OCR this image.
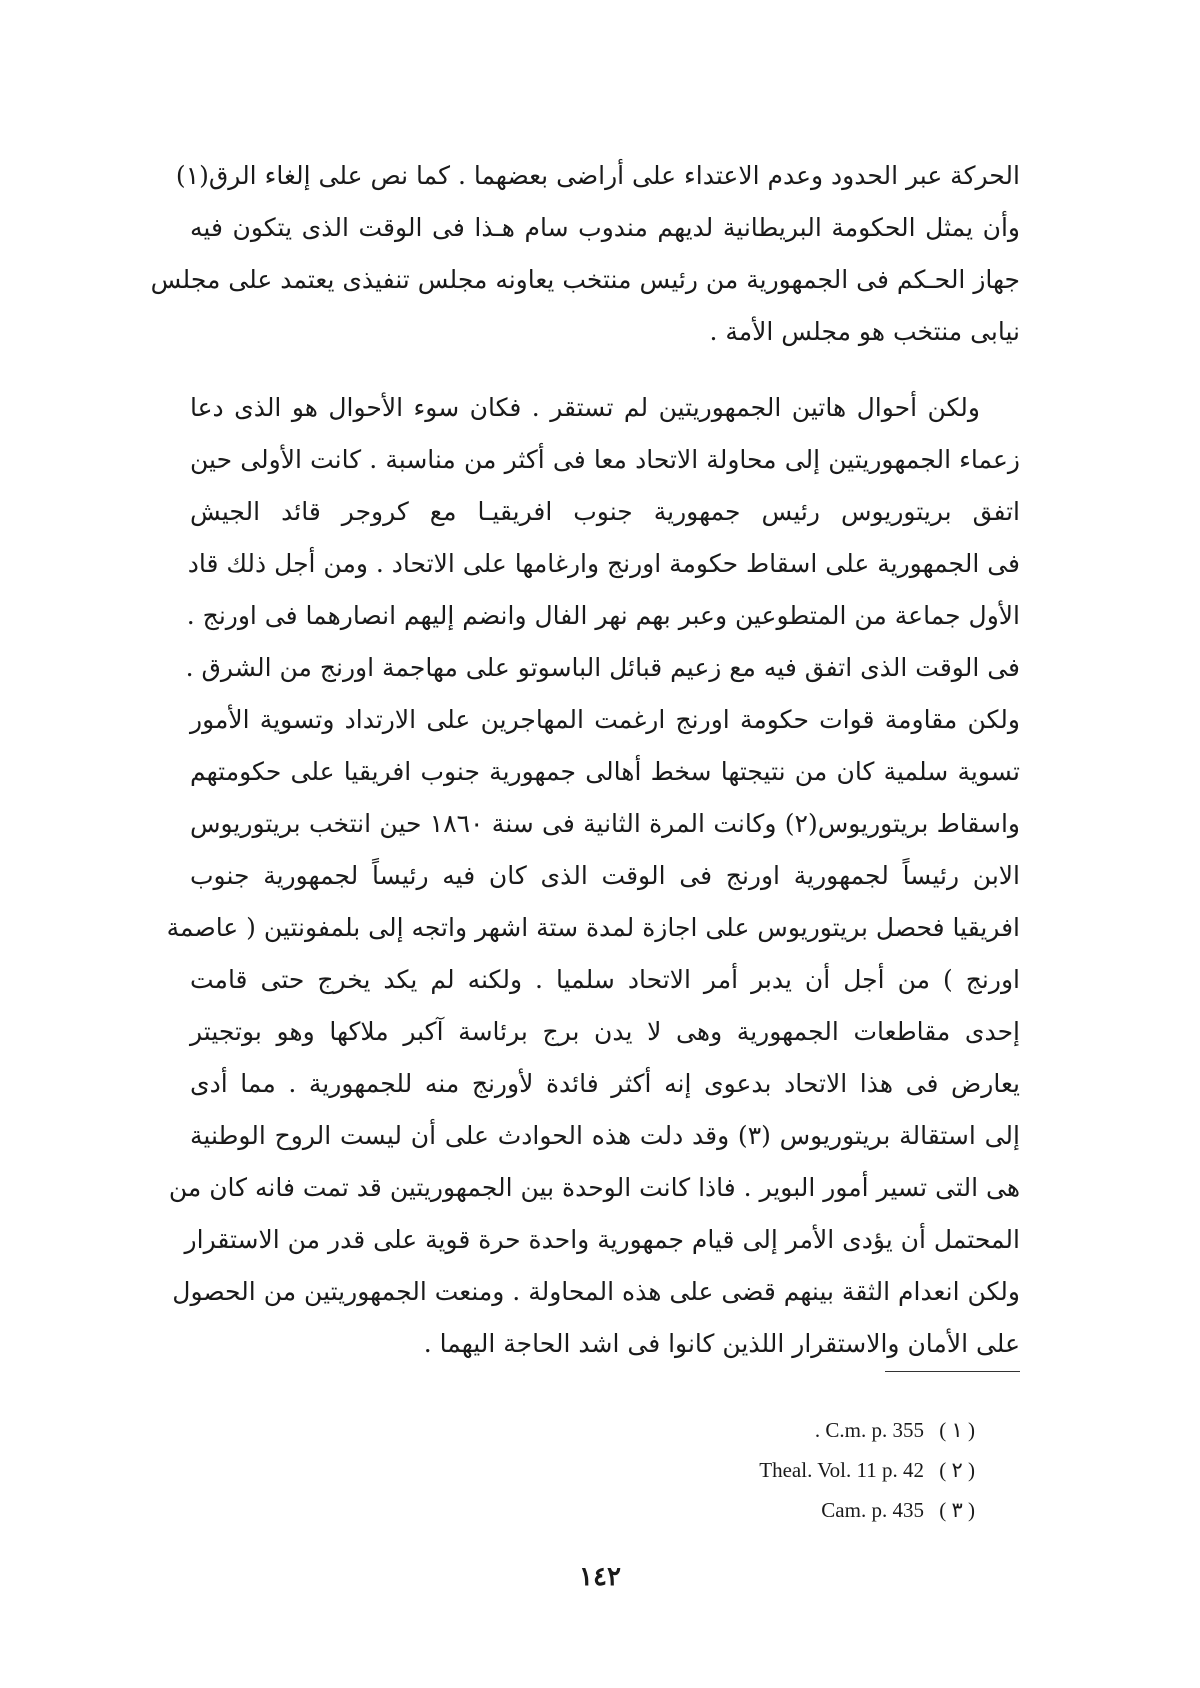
الحركة عبر الحدود وعدم الاعتداء على أراضى بعضهما . كما نص على إلغاء الرق(١)
وأن يمثل الحكومة البريطانية لديهم مندوب سام هـذا فى الوقت الذى يتكون فيه
جهاز الحـكم فى الجمهورية من رئيس منتخب يعاونه مجلس تنفيذى يعتمد على مجلس
نيابى منتخب هو مجلس الأمة .
ولكن أحوال هاتين الجمهوريتين لم تستقر . فكان سوء الأحوال هو الذى دعا
زعماء الجمهوريتين إلى محاولة الاتحاد معا فى أكثر من مناسبة . كانت الأولى حين
اتفق بريتوريوس رئيس جمهورية جنوب افريقيـا مع كروجر قائد الجيش
فى الجمهورية على اسقاط حكومة اورنج وارغامها على الاتحاد . ومن أجل ذلك قاد
الأول جماعة من المتطوعين وعبر بهم نهر الفال وانضم إليهم انصارهما فى اورنج .
فى الوقت الذى اتفق فيه مع زعيم قبائل الباسوتو على مهاجمة اورنج من الشرق .
ولكن مقاومة قوات حكومة اورنج ارغمت المهاجرين على الارتداد وتسوية الأمور
تسوية سلمية كان من نتيجتها سخط أهالى جمهورية جنوب افريقيا على حكومتهم
واسقاط بريتوريوس(٢) وكانت المرة الثانية فى سنة ١٨٦٠ حين انتخب بريتوريوس
الابن رئيساً لجمهورية اورنج فى الوقت الذى كان فيه رئيساً لجمهورية جنوب
افريقيا فحصل بريتوريوس على اجازة لمدة ستة اشهر واتجه إلى بلمفونتين ( عاصمة
اورنج ) من أجل أن يدبر أمر الاتحاد سلميا . ولكنه لم يكد يخرج حتى قامت
إحدى مقاطعات الجمهورية وهى لا يدن برج برئاسة آكبر ملاكها وهو بوتجيتر
يعارض فى هذا الاتحاد بدعوى إنه أكثر فائدة لأورنج منه للجمهورية . مما أدى
إلى استقالة بريتوريوس (٣) وقد دلت هذه الحوادث على أن ليست الروح الوطنية
هى التى تسير أمور البوير . فاذا كانت الوحدة بين الجمهوريتين قد تمت فانه كان من
المحتمل أن يؤدى الأمر إلى قيام جمهورية واحدة حرة قوية على قدر من الاستقرار
ولكن انعدام الثقة بينهم قضى على هذه المحاولة . ومنعت الجمهوريتين من الحصول
على الأمان والاستقرار اللذين كانوا فى اشد الحاجة اليهما .
( ١ ) . C.m. p. 355
( ٢ ) Theal. Vol. 11 p. 42
( ٣ ) Cam. p. 435
١٤٢
